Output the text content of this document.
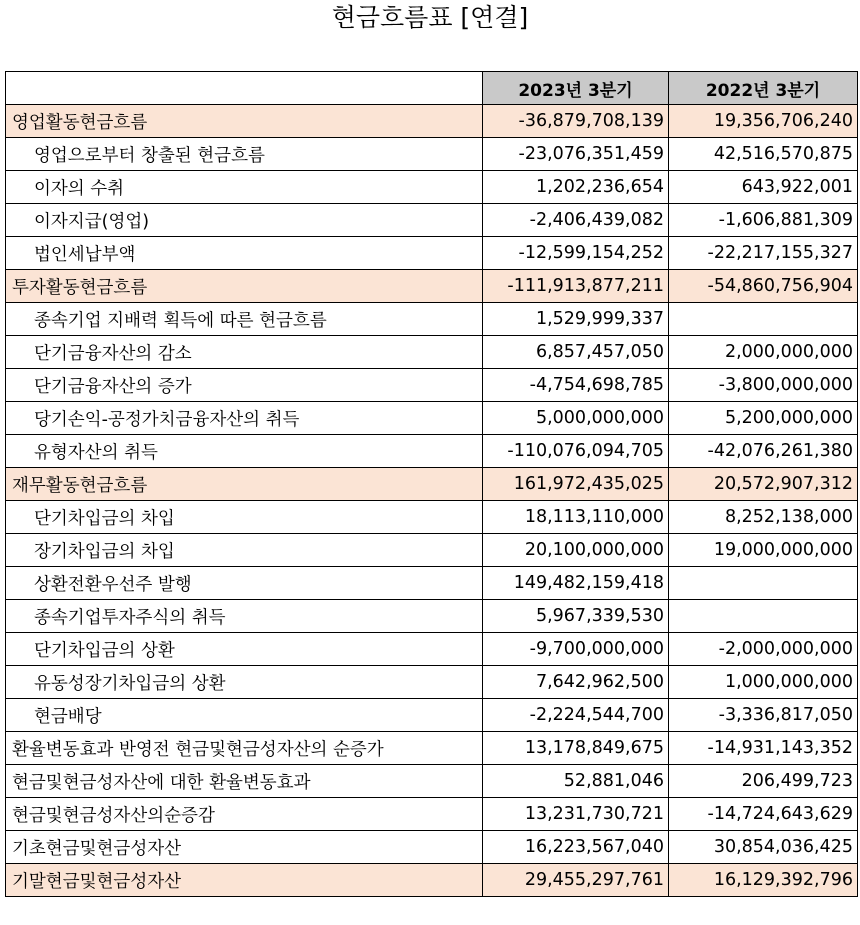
현금흐름표 [연결]
	2023년 3분기	2022년 3분기
영업활동현금흐름	-36,879,708,139	19,356,706,240
영업으로부터 창출된 현금흐름	-23,076,351,459	42,516,570,875
이자의 수취	1,202,236,654	643,922,001
이자지급(영업)	-2,406,439,082	-1,606,881,309
법인세납부액	-12,599,154,252	-22,217,155,327
투자활동현금흐름	-111,913,877,211	-54,860,756,904
종속기업 지배력 획득에 따른 현금흐름	1,529,999,337	
단기금융자산의 감소	6,857,457,050	2,000,000,000
단기금융자산의 증가	-4,754,698,785	-3,800,000,000
당기손익-공정가치금융자산의 취득	5,000,000,000	5,200,000,000
유형자산의 취득	-110,076,094,705	-42,076,261,380
재무활동현금흐름	161,972,435,025	20,572,907,312
단기차입금의 차입	18,113,110,000	8,252,138,000
장기차입금의 차입	20,100,000,000	19,000,000,000
상환전환우선주 발행	149,482,159,418	
종속기업투자주식의 취득	5,967,339,530	
단기차입금의 상환	-9,700,000,000	-2,000,000,000
유동성장기차입금의 상환	7,642,962,500	1,000,000,000
현금배당	-2,224,544,700	-3,336,817,050
환율변동효과 반영전 현금및현금성자산의 순증가	13,178,849,675	-14,931,143,352
현금및현금성자산에 대한 환율변동효과	52,881,046	206,499,723
현금및현금성자산의순증감	13,231,730,721	-14,724,643,629
기초현금및현금성자산	16,223,567,040	30,854,036,425
기말현금및현금성자산	29,455,297,761	16,129,392,796
